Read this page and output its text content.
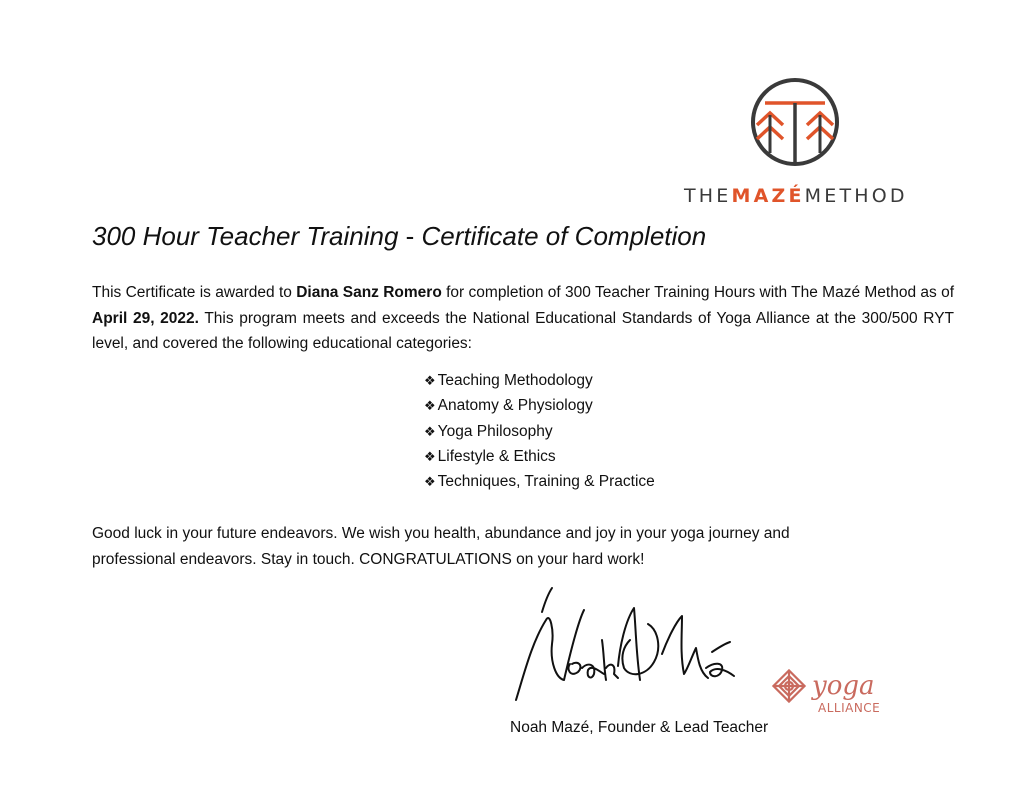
THEMAZÉMETHOD
300 Hour Teacher Training - Certificate of Completion

This Certificate is awarded to Diana Sanz Romero for completion of 300 Teacher Training Hours with The Mazé Method as of April 29, 2022. This program meets and exceeds the National Educational Standards of Yoga Alliance at the 300/500 RYT level, and covered the following educational categories:

❖ Teaching Methodology
❖ Anatomy & Physiology
❖ Yoga Philosophy
❖ Lifestyle & Ethics
❖ Techniques, Training & Practice

Good luck in your future endeavors. We wish you health, abundance and joy in your yoga journey and
professional endeavors. Stay in touch. CONGRATULATIONS on your hard work!

yoga
ALLIANCE

Noah Mazé, Founder & Lead Teacher
